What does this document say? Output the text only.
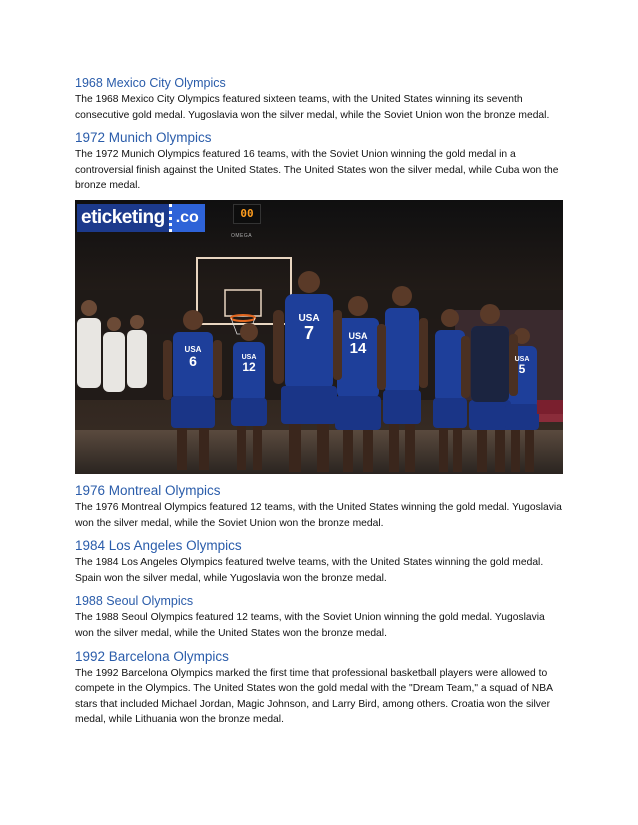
1968 Mexico City Olympics

The 1968 Mexico City Olympics featured sixteen teams, with the United States winning its seventh consecutive gold medal. Yugoslavia won the silver medal, while the Soviet Union won the bronze medal.

1972 Munich Olympics

The 1972 Munich Olympics featured 16 teams, with the Soviet Union winning the gold medal in a controversial finish against the United States. The United States won the silver medal, while Cuba won the bronze medal.

eticketing .co	00
OMEGA
USA
6	USA
12
USA
7	USA
14
USA
5
1976 Montreal Olympics

The 1976 Montreal Olympics featured 12 teams, with the United States winning the gold medal. Yugoslavia won the silver medal, while the Soviet Union won the bronze medal.

1984 Los Angeles Olympics

The 1984 Los Angeles Olympics featured twelve teams, with the United States winning the gold medal. Spain won the silver medal, while Yugoslavia won the bronze medal.

1988 Seoul Olympics

The 1988 Seoul Olympics featured 12 teams, with the Soviet Union winning the gold medal. Yugoslavia won the silver medal, while the United States won the bronze medal.

1992 Barcelona Olympics

The 1992 Barcelona Olympics marked the first time that professional basketball players were allowed to compete in the Olympics. The United States won the gold medal with the "Dream Team," a squad of NBA stars that included Michael Jordan, Magic Johnson, and Larry Bird, among others. Croatia won the silver medal, while Lithuania won the bronze medal.
